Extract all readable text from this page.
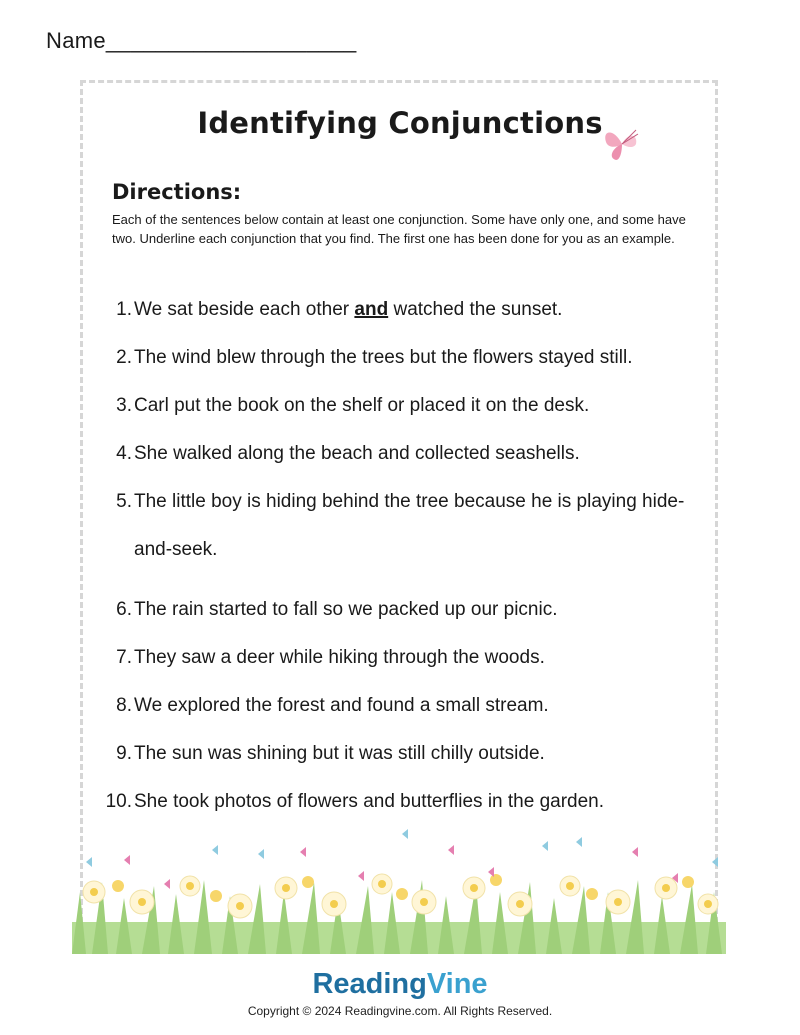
Name____________________
Identifying Conjunctions
Directions:
Each of the sentences below contain at least one conjunction. Some have only one, and some have two. Underline each conjunction that you find. The first one has been done for you as an example.
1. We sat beside each other and watched the sunset.
2. The wind blew through the trees but the flowers stayed still.
3. Carl put the book on the shelf or placed it on the desk.
4. She walked along the beach and collected seashells.
5. The little boy is hiding behind the tree because he is playing hide-and-seek.
6. The rain started to fall so we packed up our picnic.
7. They saw a deer while hiking through the woods.
8. We explored the forest and found a small stream.
9. The sun was shining but it was still chilly outside.
10. She took photos of flowers and butterflies in the garden.
ReadingVine
Copyright © 2024 Readingvine.com. All Rights Reserved.
